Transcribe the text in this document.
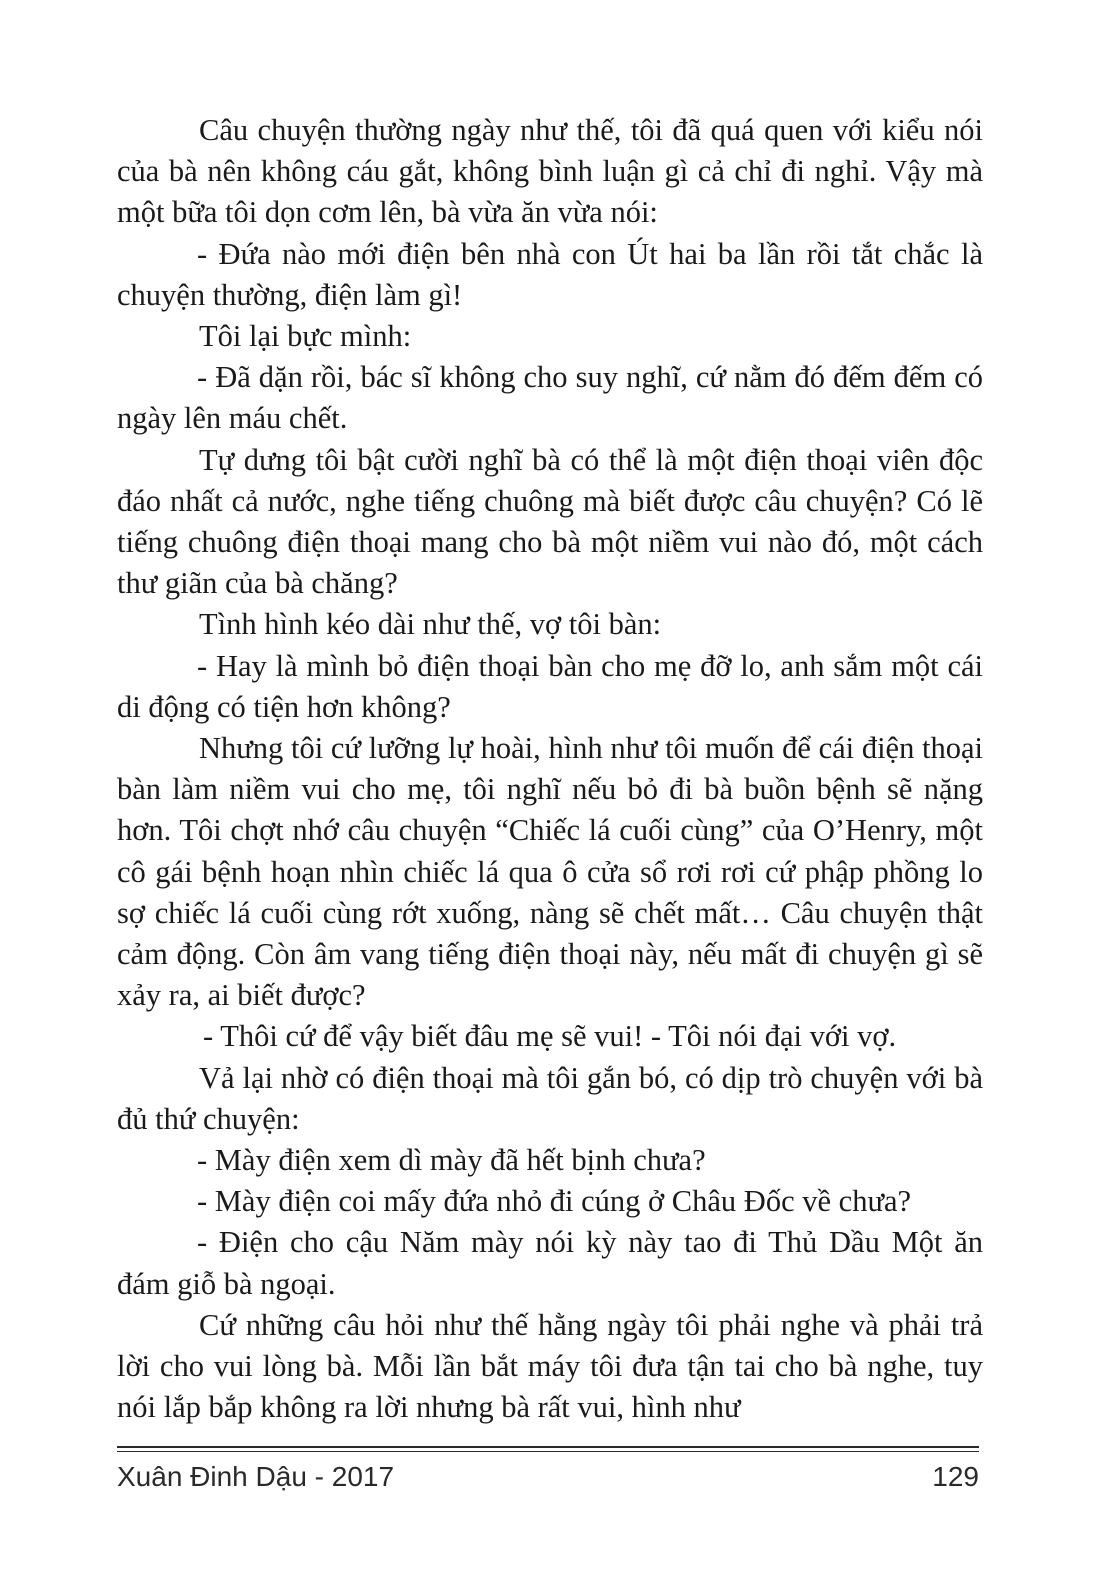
Câu chuyện thường ngày như thế, tôi đã quá quen với kiểu nói của bà nên không cáu gắt, không bình luận gì cả chỉ đi nghỉ. Vậy mà một bữa tôi dọn cơm lên, bà vừa ăn vừa nói:

- Đứa nào mới điện bên nhà con Út hai ba lần rồi tắt chắc là chuyện thường, điện làm gì!

Tôi lại bực mình:

- Đã dặn rồi, bác sĩ không cho suy nghĩ, cứ nằm đó đếm đếm có ngày lên máu chết.

Tự dưng tôi bật cười nghĩ bà có thể là một điện thoại viên độc đáo nhất cả nước, nghe tiếng chuông mà biết được câu chuyện? Có lẽ tiếng chuông điện thoại mang cho bà một niềm vui nào đó, một cách thư giãn của bà chăng?

Tình hình kéo dài như thế, vợ tôi bàn:

- Hay là mình bỏ điện thoại bàn cho mẹ đỡ lo, anh sắm một cái di động có tiện hơn không?

Nhưng tôi cứ lưỡng lự hoài, hình như tôi muốn để cái điện thoại bàn làm niềm vui cho mẹ, tôi nghĩ nếu bỏ đi bà buồn bệnh sẽ nặng hơn. Tôi chợt nhớ câu chuyện “Chiếc lá cuối cùng” của O’Henry, một cô gái bệnh hoạn nhìn chiếc lá qua ô cửa sổ rơi rơi cứ phập phồng lo sợ chiếc lá cuối cùng rớt xuống, nàng sẽ chết mất… Câu chuyện thật cảm động. Còn âm vang tiếng điện thoại này, nếu mất đi chuyện gì sẽ xảy ra, ai biết được?

- Thôi cứ để vậy biết đâu mẹ sẽ vui! - Tôi nói đại với vợ.

Vả lại nhờ có điện thoại mà tôi gắn bó, có dịp trò chuyện với bà đủ thứ chuyện:

- Mày điện xem dì mày đã hết bịnh chưa?

- Mày điện coi mấy đứa nhỏ đi cúng ở Châu Đốc về chưa?

- Điện cho cậu Năm mày nói kỳ này tao đi Thủ Dầu Một ăn đám giỗ bà ngoại.

Cứ những câu hỏi như thế hằng ngày tôi phải nghe và phải trả lời cho vui lòng bà. Mỗi lần bắt máy tôi đưa tận tai cho bà nghe, tuy nói lắp bắp không ra lời nhưng bà rất vui, hình như

Xuân Đinh Dậu - 2017	129
